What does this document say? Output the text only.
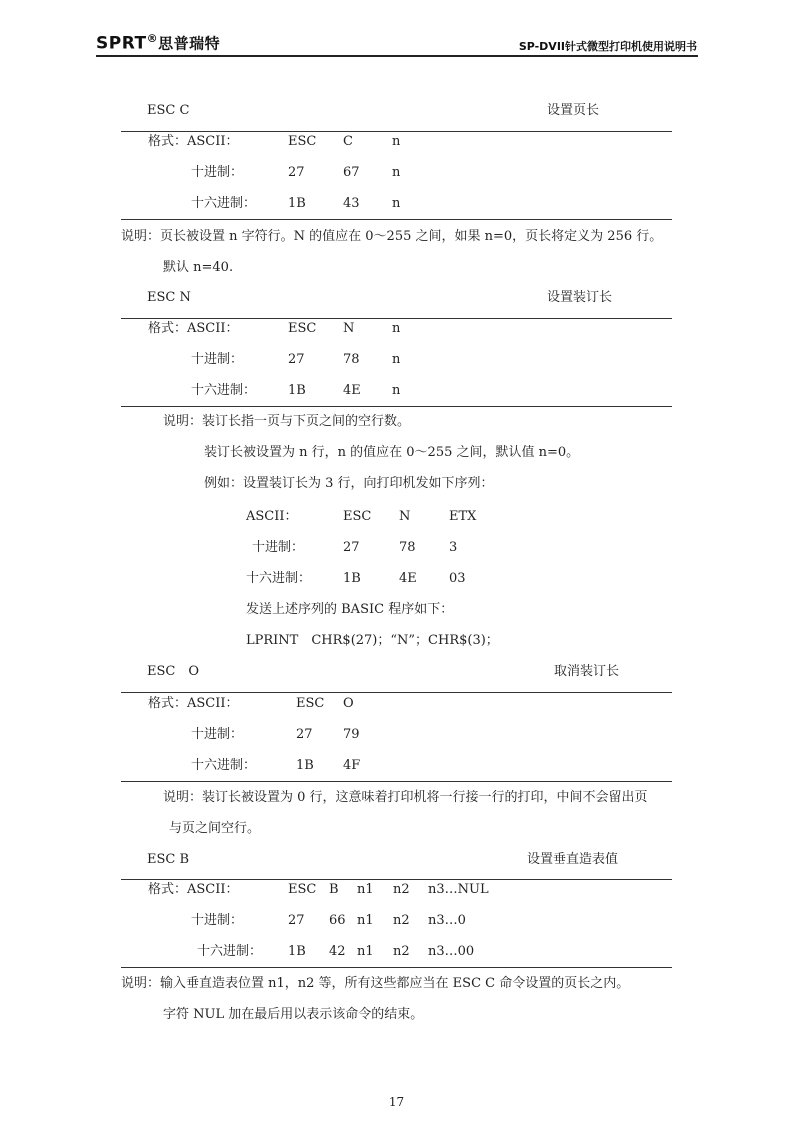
SPRT®思普瑞特	SP-DVII针式微型打印机使用说明书
ESC C	设置页长
格式：ASCII：	ESC C	n
十进制：	27	67 n
十六进制： 1B	43 n
说明：页长被设置 n 字符行。N 的值应在 0～255 之间，如果 n=0，页长将定义为 256 行。
默认 n=40.
ESC N	设置装订长
格式：ASCII：	ESC N	n
十进制：	27	78 n
十六进制： 1B	4E n
说明：装订长指一页与下页之间的空行数。
装订长被设置为 n 行，n 的值应在 0～255 之间，默认值 n=0。
例如：设置装订长为 3 行，向打印机发如下序列：
ASCII：	ESC N	ETX
十进制：	27	78	3
十六进制： 1B	4E 03
发送上述序列的 BASIC 程序如下：
LPRINT　CHR$(27)；“N”；CHR$(3)；
ESC　O	取消装订长
格式：ASCII：	ESC O
十进制：	27 79
十六进制：	1B 4F
说明：装订长被设置为 0 行，这意味着打印机将一行接一行的打印，中间不会留出页
与页之间空行。
ESC B	设置垂直造表值
格式：ASCII：	ESC B n1 n2 n3…NUL
十进制：	27 66 n1 n2 n3…0
十六进制： 1B 42 n1 n2 n3…00
说明：输入垂直造表位置 n1，n2 等，所有这些都应当在 ESC C 命令设置的页长之内。
字符 NUL 加在最后用以表示该命令的结束。
17
